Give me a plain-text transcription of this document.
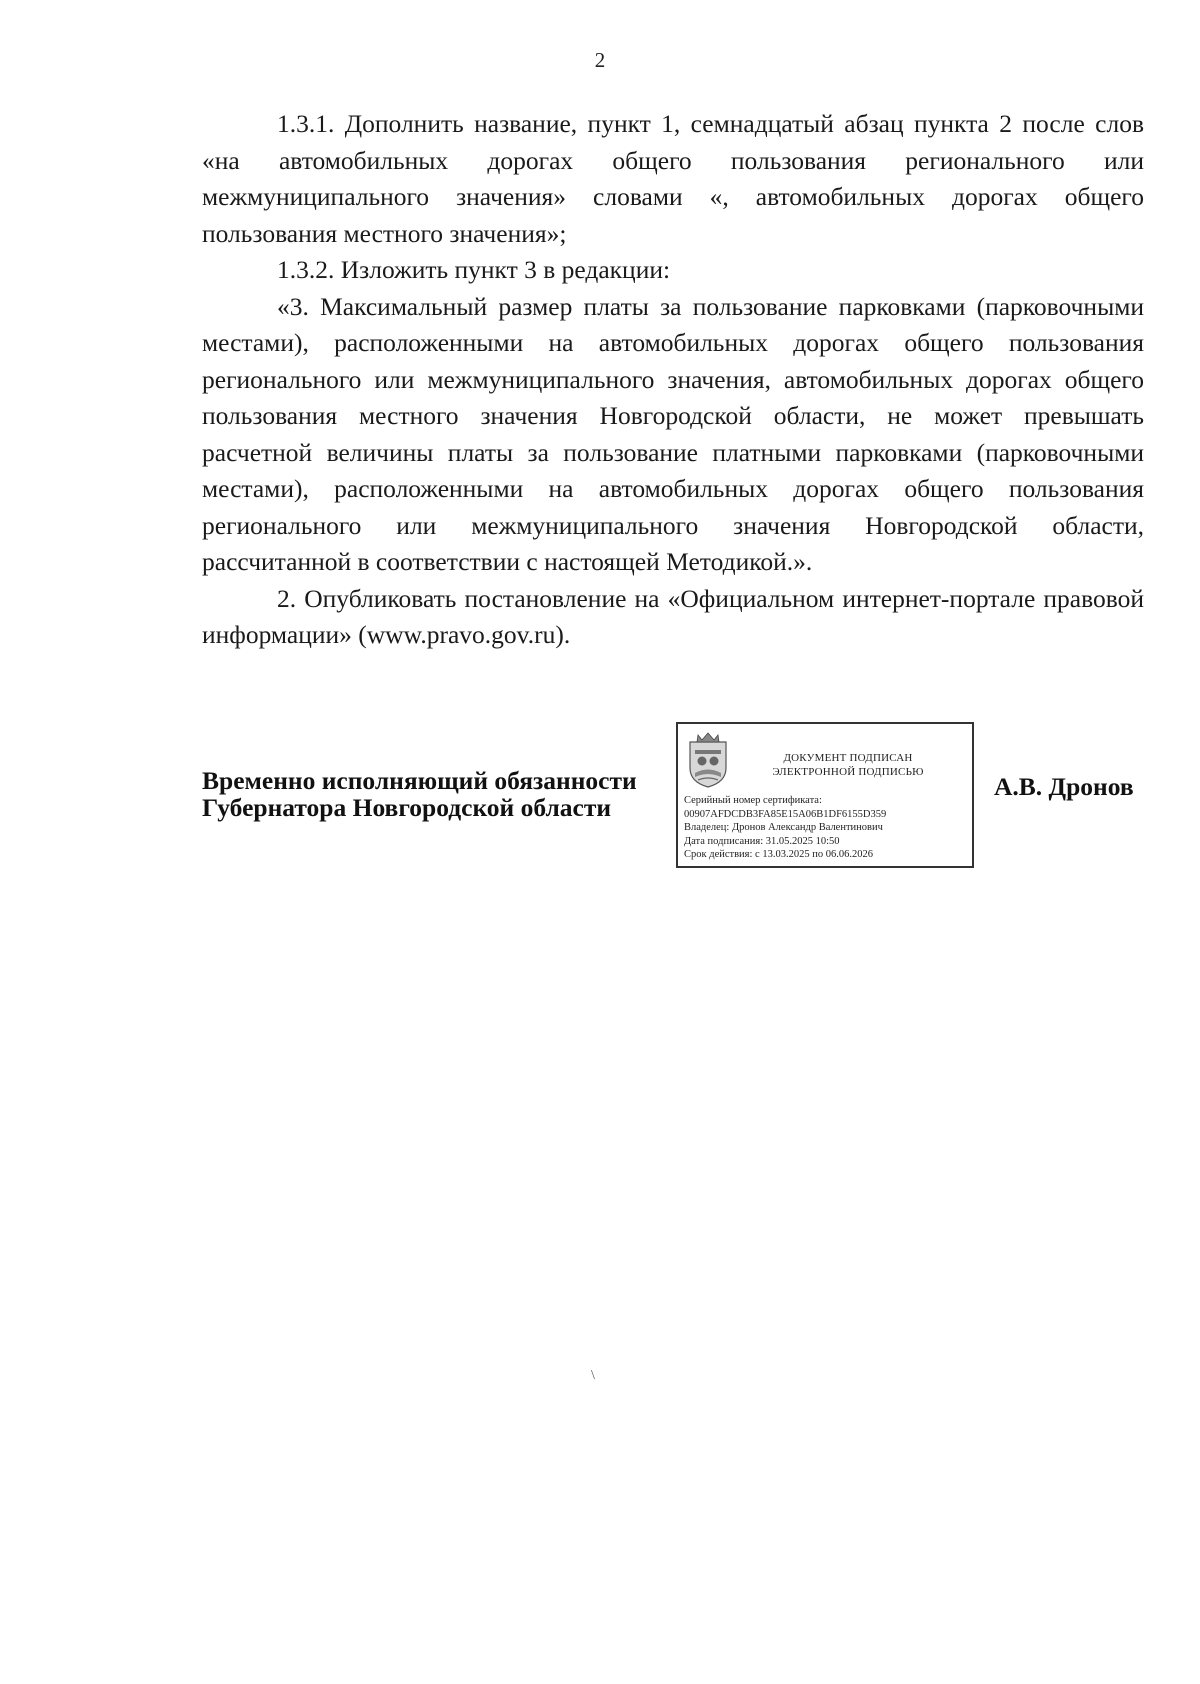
2

1.3.1. Дополнить название, пункт 1, семнадцатый абзац пункта 2 после слов «на автомобильных дорогах общего пользования регионального или межмуниципального значения» словами «, автомобильных дорогах общего пользования местного значения»;

1.3.2. Изложить пункт 3 в редакции:

«3. Максимальный размер платы за пользование парковками (парковочными местами), расположенными на автомобильных дорогах общего пользования регионального или межмуниципального значения, автомобильных дорогах общего пользования местного значения Новгородской области, не может превышать расчетной величины платы за пользование платными парковками (парковочными местами), расположенными на автомобильных дорогах общего пользования регионального или межмуниципального значения Новгородской области, рассчитанной в соответствии с настоящей Методикой.».

2. Опубликовать постановление на «Официальном интернет-портале правовой информации» (www.pravo.gov.ru).

Временно исполняющий обязанности
Губернатора Новгородской области
ДОКУМЕНТ ПОДПИСАН
ЭЛЕКТРОННОЙ ПОДПИСЬЮ
Серийный номер сертификата:
00907AFDCDB3FA85E15A06B1DF6155D359
Владелец: Дронов Александр Валентинович
Дата подписания: 31.05.2025 10:50
Срок действия: с 13.03.2025 по 06.06.2026
А.В. Дронов
\
